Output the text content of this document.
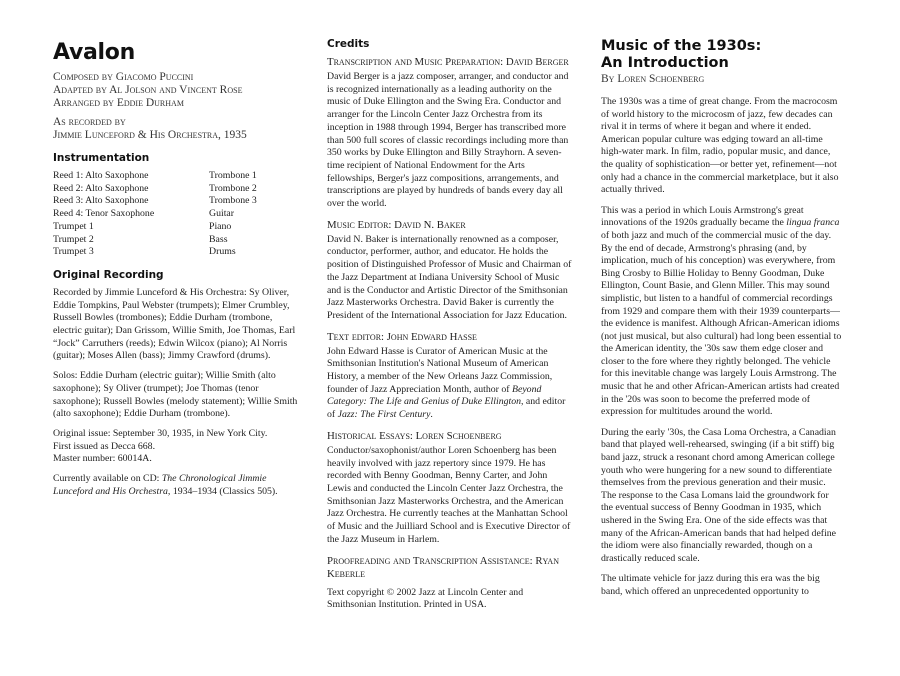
Avalon
Composed by Giacomo Puccini
Adapted by Al Jolson and Vincent Rose
Arranged by Eddie Durham
As recorded by
Jimmie Lunceford & His Orchestra, 1935
Instrumentation
Reed 1: Alto Saxophone	Trombone 1
Reed 2: Alto Saxophone	Trombone 2
Reed 3: Alto Saxophone	Trombone 3
Reed 4: Tenor Saxophone	Guitar
Trumpet 1	Piano
Trumpet 2	Bass
Trumpet 3	Drums
Original Recording

Recorded by Jimmie Lunceford & His Orchestra: Sy Oliver, Eddie Tompkins, Paul Webster (trumpets); Elmer Crumbley, Russell Bowles (trombones); Eddie Durham (trombone, electric guitar); Dan Grissom, Willie Smith, Joe Thomas, Earl “Jock” Carruthers (reeds); Edwin Wilcox (piano); Al Norris (guitar); Moses Allen (bass); Jimmy Crawford (drums).

Solos: Eddie Durham (electric guitar); Willie Smith (alto saxophone); Sy Oliver (trumpet); Joe Thomas (tenor saxophone); Russell Bowles (melody statement); Willie Smith (alto saxophone); Eddie Durham (trombone).

Original issue: September 30, 1935, in New York City.
First issued as Decca 668.
Master number: 60014A.

Currently available on CD: The Chronological Jimmie Lunceford and His Orchestra, 1934–1934 (Classics 505).

Credits
Transcription and Music Preparation: David Berger

David Berger is a jazz composer, arranger, and conductor and is recognized internationally as a leading authority on the music of Duke Ellington and the Swing Era. Conductor and arranger for the Lincoln Center Jazz Orchestra from its inception in 1988 through 1994, Berger has transcribed more than 500 full scores of classic recordings including more than 350 works by Duke Ellington and Billy Strayhorn. A seven-time recipient of National Endowment for the Arts fellowships, Berger's jazz compositions, arrangements, and transcriptions are played by hundreds of bands every day all over the world.

Music Editor: David N. Baker

David N. Baker is internationally renowned as a composer, conductor, performer, author, and educator. He holds the position of Distinguished Professor of Music and Chairman of the Jazz Department at Indiana University School of Music and is the Conductor and Artistic Director of the Smithsonian Jazz Masterworks Orchestra. David Baker is currently the President of the International Association for Jazz Education.

Text editor: John Edward Hasse

John Edward Hasse is Curator of American Music at the Smithsonian Institution's National Museum of American History, a member of the New Orleans Jazz Commission, founder of Jazz Appreciation Month, author of Beyond Category: The Life and Genius of Duke Ellington, and editor of Jazz: The First Century.

Historical Essays: Loren Schoenberg

Conductor/saxophonist/author Loren Schoenberg has been heavily involved with jazz repertory since 1979. He has recorded with Benny Goodman, Benny Carter, and John Lewis and conducted the Lincoln Center Jazz Orchestra, the Smithsonian Jazz Masterworks Orchestra, and the American Jazz Orchestra. He currently teaches at the Manhattan School of Music and the Juilliard School and is Executive Director of the Jazz Museum in Harlem.

Proofreading and Transcription Assistance: Ryan Keberle

Text copyright © 2002 Jazz at Lincoln Center and Smithsonian Institution. Printed in USA.

Music of the 1930s:
An Introduction
By Loren Schoenberg

The 1930s was a time of great change. From the macrocosm of world history to the microcosm of jazz, few decades can rival it in terms of where it began and where it ended. American popular culture was edging toward an all-time high-water mark. In film, radio, popular music, and dance, the quality of sophistication—or better yet, refinement—not only had a chance in the commercial marketplace, but it also actually thrived.

This was a period in which Louis Armstrong's great innovations of the 1920s gradually became the lingua franca of both jazz and much of the commercial music of the day. By the end of decade, Armstrong's phrasing (and, by implication, much of his conception) was everywhere, from Bing Crosby to Billie Holiday to Benny Goodman, Duke Ellington, Count Basie, and Glenn Miller. This may sound simplistic, but listen to a handful of commercial recordings from 1929 and compare them with their 1939 counterparts—the evidence is manifest. Although African-American idioms (not just musical, but also cultural) had long been essential to the American identity, the '30s saw them edge closer and closer to the fore where they rightly belonged. The vehicle for this inevitable change was largely Louis Armstrong. The music that he and other African-American artists had created in the '20s was soon to become the preferred mode of expression for multitudes around the world.

During the early '30s, the Casa Loma Orchestra, a Canadian band that played well-rehearsed, swinging (if a bit stiff) big band jazz, struck a resonant chord among American college youth who were hungering for a new sound to differentiate themselves from the previous generation and their music. The response to the Casa Lomans laid the groundwork for the eventual success of Benny Goodman in 1935, which ushered in the Swing Era. One of the side effects was that many of the African-American bands that had helped define the idiom were also financially rewarded, though on a drastically reduced scale.

The ultimate vehicle for jazz during this era was the big band, which offered an unprecedented opportunity to
